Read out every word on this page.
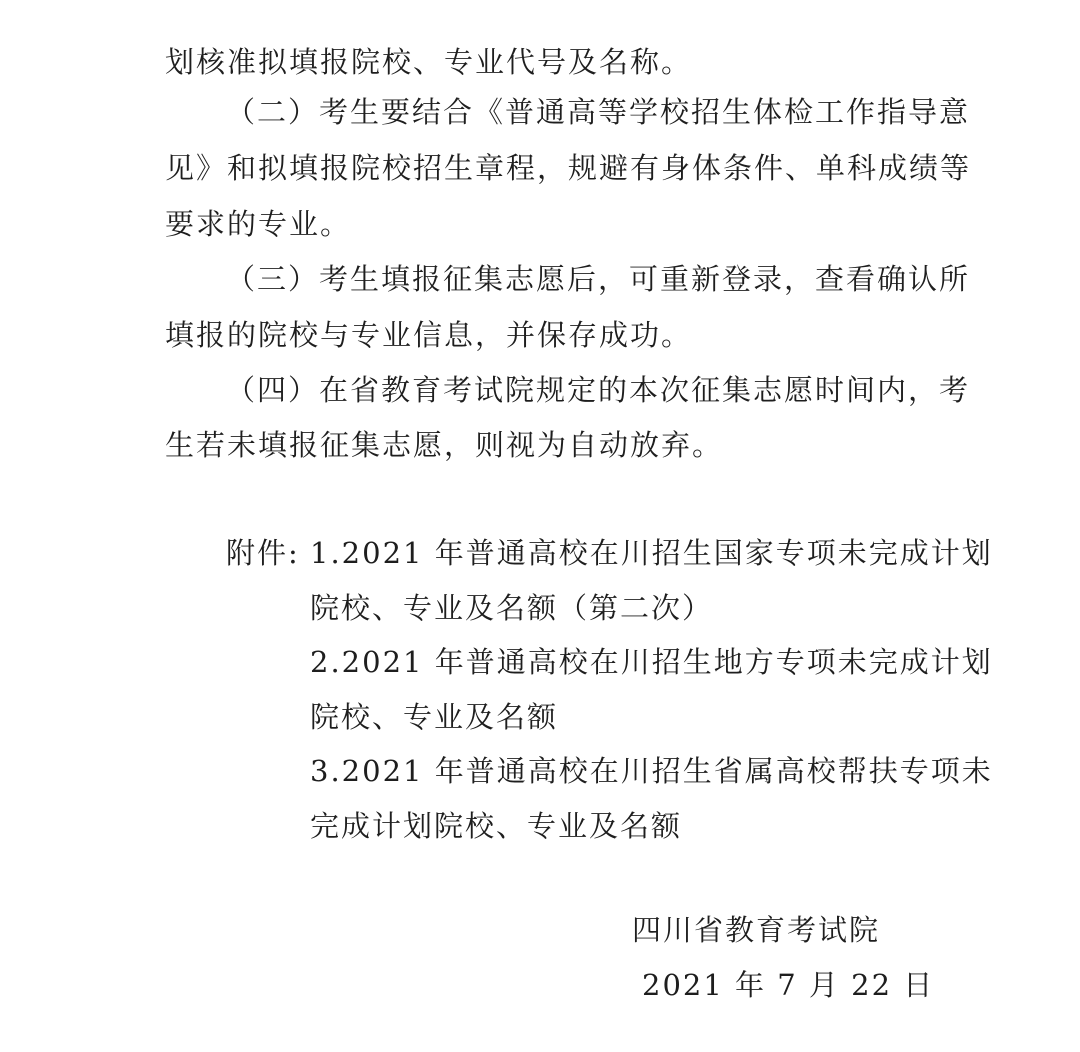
划核准拟填报院校、专业代号及名称。
（二）考生要结合《普通高等学校招生体检工作指导意
见》和拟填报院校招生章程，规避有身体条件、单科成绩等
要求的专业。
（三）考生填报征集志愿后，可重新登录，查看确认所
填报的院校与专业信息，并保存成功。
（四）在省教育考试院规定的本次征集志愿时间内，考
生若未填报征集志愿，则视为自动放弃。
附件: 1.2021 年普通高校在川招生国家专项未完成计划
院校、专业及名额（第二次）
2.2021 年普通高校在川招生地方专项未完成计划
院校、专业及名额
3.2021 年普通高校在川招生省属高校帮扶专项未
完成计划院校、专业及名额
四川省教育考试院
2021 年 7 月 22 日
